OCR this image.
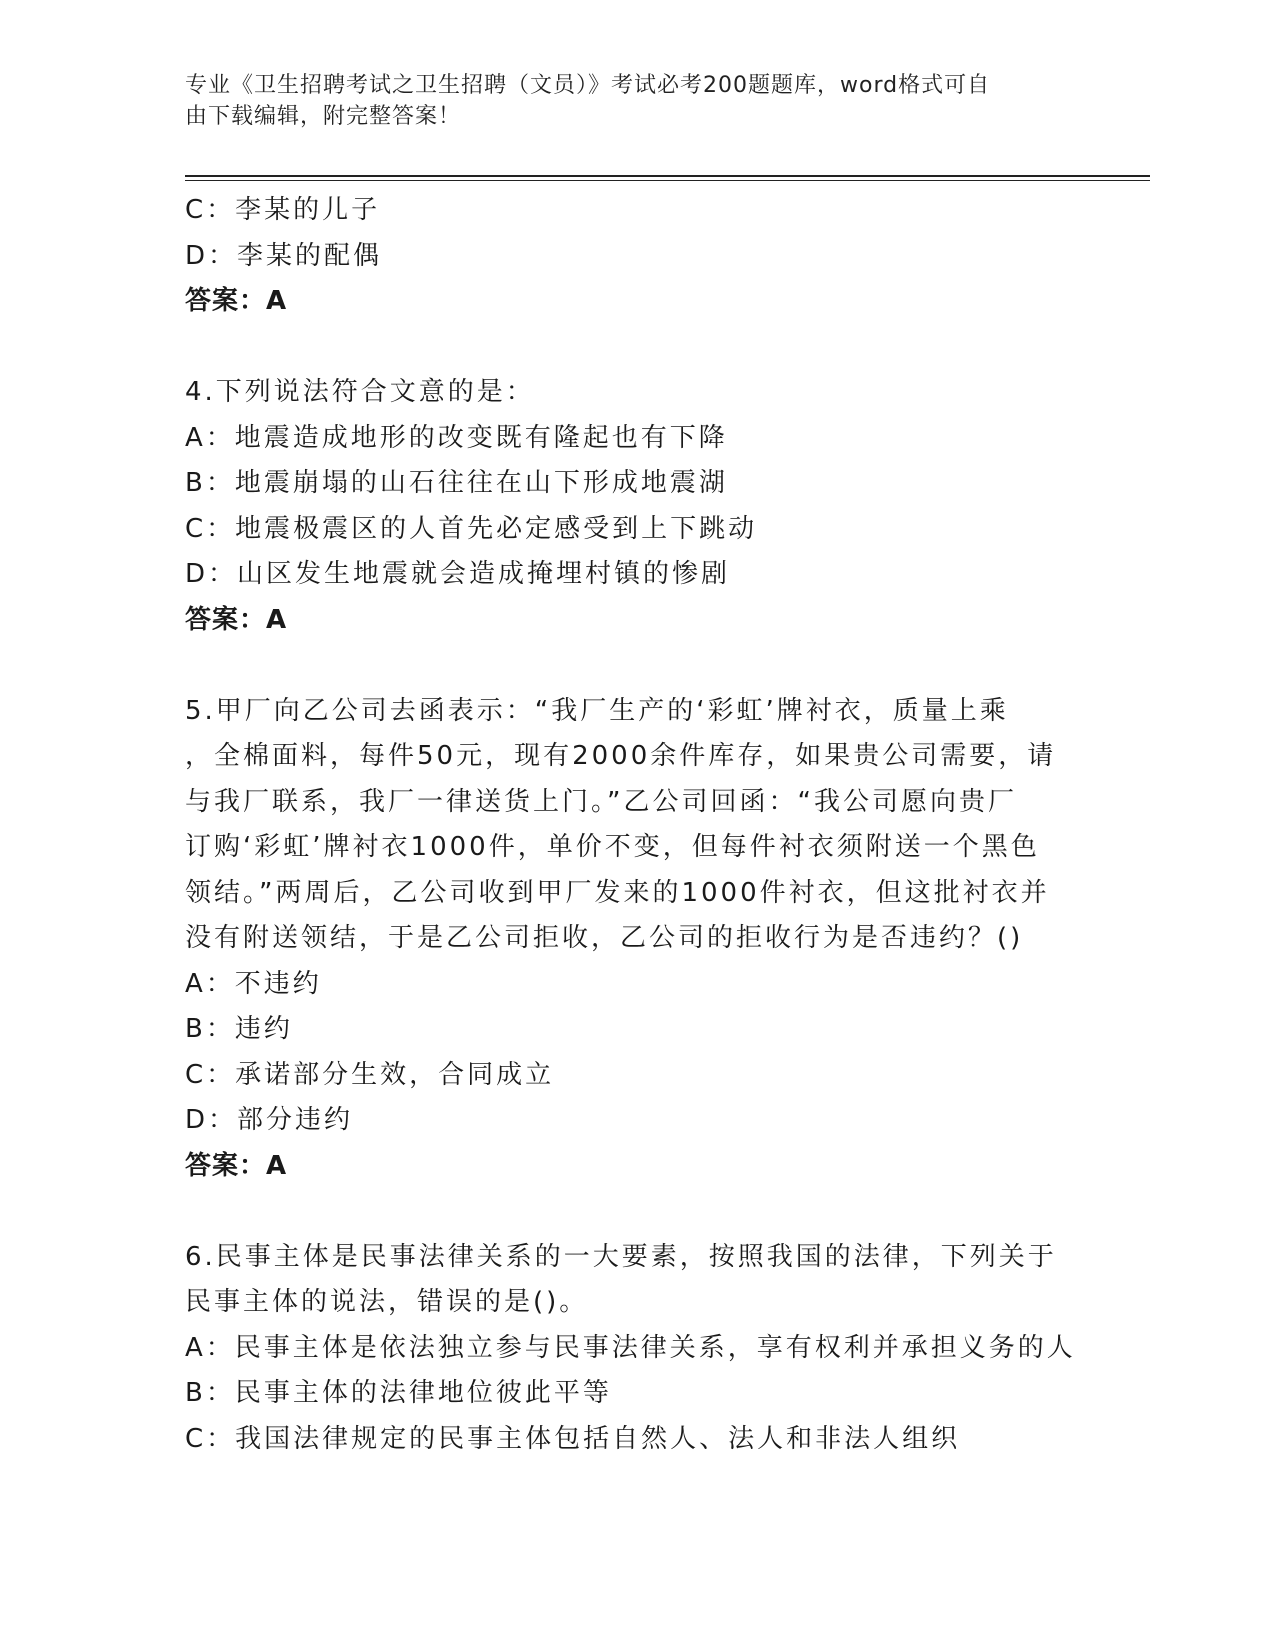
专业《卫生招聘考试之卫生招聘（文员）》考试必考200题题库，word格式可自
由下载编辑，附完整答案！
C：李某的儿子
D：李某的配偶
答案：A
4.下列说法符合文意的是：
A：地震造成地形的改变既有隆起也有下降
B：地震崩塌的山石往往在山下形成地震湖
C：地震极震区的人首先必定感受到上下跳动
D：山区发生地震就会造成掩埋村镇的惨剧
答案：A
5.甲厂向乙公司去函表示：“我厂生产的‘彩虹’牌衬衣，质量上乘
，全棉面料，每件50元，现有2000余件库存，如果贵公司需要，请
与我厂联系，我厂一律送货上门。”乙公司回函：“我公司愿向贵厂
订购‘彩虹’牌衬衣1000件，单价不变，但每件衬衣须附送一个黑色
领结。”两周后，乙公司收到甲厂发来的1000件衬衣，但这批衬衣并
没有附送领结，于是乙公司拒收，乙公司的拒收行为是否违约？()
A：不违约
B：违约
C：承诺部分生效，合同成立
D：部分违约
答案：A
6.民事主体是民事法律关系的一大要素，按照我国的法律，下列关于
民事主体的说法，错误的是()。
A：民事主体是依法独立参与民事法律关系，享有权利并承担义务的人
B：民事主体的法律地位彼此平等
C：我国法律规定的民事主体包括自然人、法人和非法人组织
